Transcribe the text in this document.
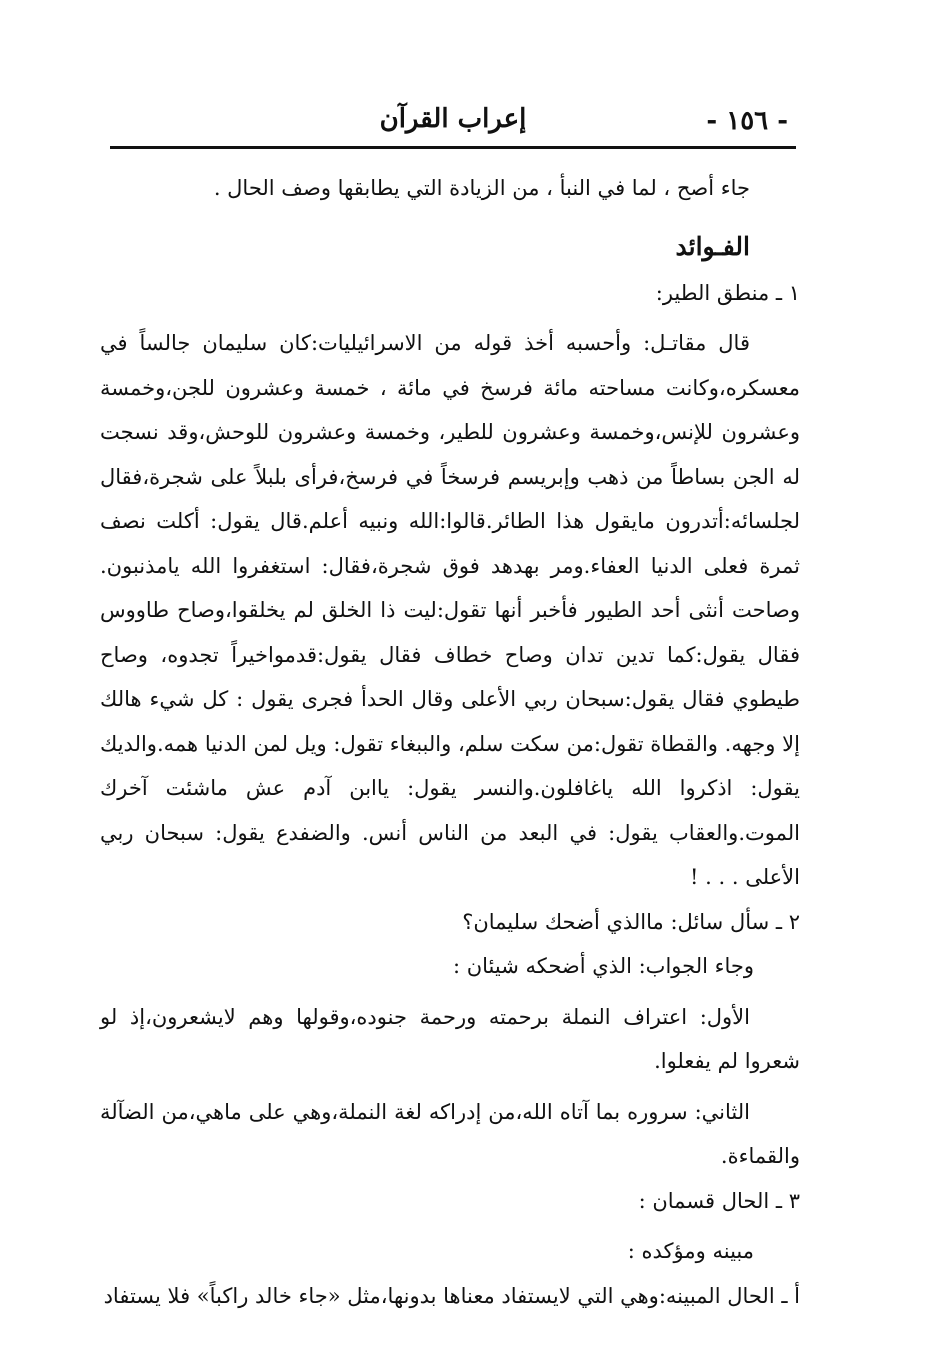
- ١٥٦ -
إعراب القرآن

جاء أصح ، لما في النبأ ، من الزيادة التي يطابقها وصف الحال .

الفـوائد

١ ـ منطق الطير:

قال مقاتـل: وأحسبه أخذ قوله من الاسرائيليات:كان سليمان جالساً في معسكره،وكانت مساحته مائة فرسخ في مائة ، خمسة وعشرون للجن،وخمسة وعشرون للإنس،وخمسة وعشرون للطير، وخمسة وعشرون للوحش،وقد نسجت له الجن بساطاً من ذهب وإبريسم فرسخاً في فرسخ،فرأى بلبلاً على شجرة،فقال لجلسائه:أتدرون مايقول هذا الطائر.قالوا:الله ونبيه أعلم.قال يقول: أكلت نصف ثمرة فعلى الدنيا العفاء.ومر بهدهد فوق شجرة،فقال: استغفروا الله يامذنبون. وصاحت أنثى أحد الطيور فأخبر أنها تقول:ليت ذا الخلق لم يخلقوا،وصاح طاووس فقال يقول:كما تدين تدان وصاح خطاف فقال يقول:قدمواخيراً تجدوه، وصاح طيطوي فقال يقول:سبحان ربي الأعلى وقال الحدأ فجرى يقول : كل شيء هالك إلا وجهه. والقطاة تقول:من سكت سلم، والببغاء تقول: ويل لمن الدنيا همه.والديك يقول: اذكروا الله ياغافلون.والنسر يقول: ياابن آدم عش ماشئت آخرك الموت.والعقاب يقول: في البعد من الناس أنس. والضفدع يقول: سبحان ربي الأعلى . . . !

٢ ـ سأل سائل: ماالذي أضحك سليمان؟

وجاء الجواب: الذي أضحكه شيئان :

الأول: اعتراف النملة برحمته ورحمة جنوده،وقولها وهم لايشعرون،إذ لو شعروا لم يفعلوا.

الثاني: سروره بما آتاه الله،من إدراكه لغة النملة،وهي على ماهي،من الضآلة والقماءة.

٣ ـ الحال قسمان :

مبينه ومؤكده :

أ ـ الحال المبينه:وهي التي لايستفاد معناها بدونها،مثل «جاء خالد راكباً» فلا يستفاد
